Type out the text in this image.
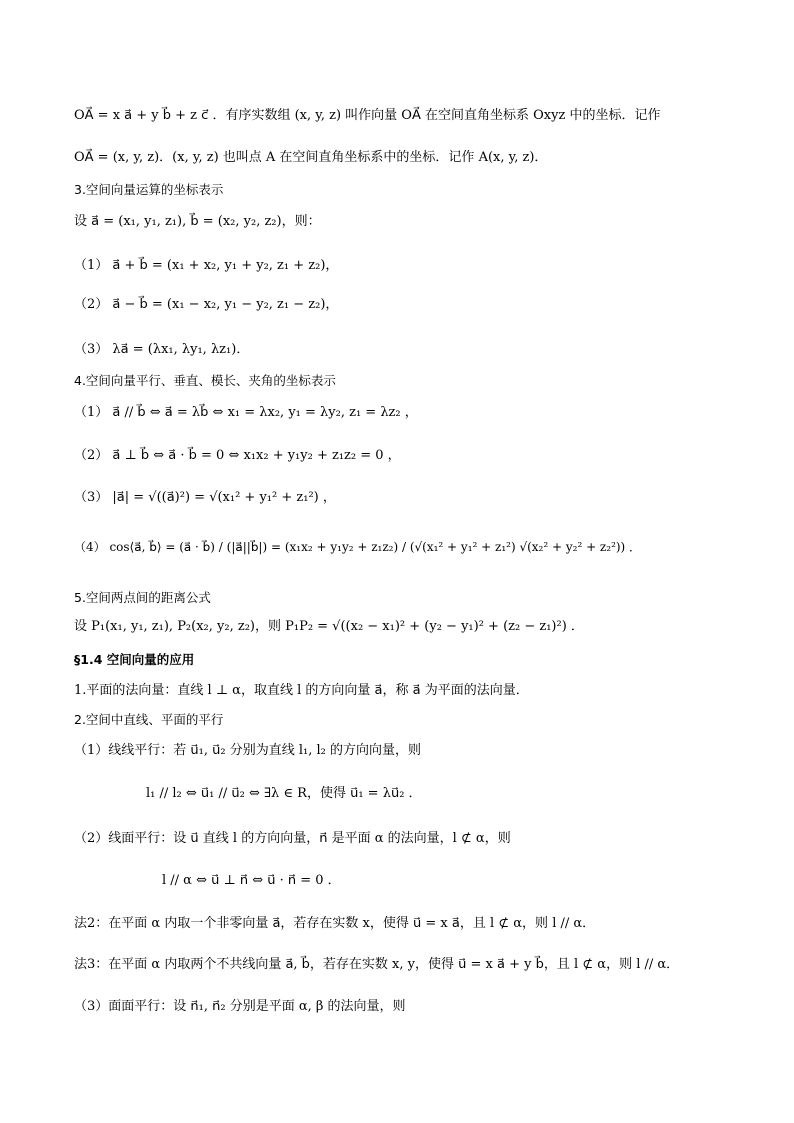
OA⃗ = x a⃗ + y b⃗ + z c⃗ ．有序实数组 (x, y, z) 叫作向量 OA⃗ 在空间直角坐标系 Oxyz 中的坐标．记作
OA⃗ = (x, y, z)．(x, y, z) 也叫点 A 在空间直角坐标系中的坐标．记作 A(x, y, z)．
3.空间向量运算的坐标表示
设 a⃗ = (x₁, y₁, z₁), b⃗ = (x₂, y₂, z₂)，则：
（1） a⃗ + b⃗ = (x₁ + x₂, y₁ + y₂, z₁ + z₂)，
（2） a⃗ − b⃗ = (x₁ − x₂, y₁ − y₂, z₁ − z₂)，
（3） λa⃗ = (λx₁, λy₁, λz₁)．
4.空间向量平行、垂直、模长、夹角的坐标表示
（1） a⃗ // b⃗ ⇔ a⃗ = λb⃗ ⇔ x₁ = λx₂, y₁ = λy₂, z₁ = λz₂ ，
（2） a⃗ ⊥ b⃗ ⇔ a⃗ · b⃗ = 0 ⇔ x₁x₂ + y₁y₂ + z₁z₂ = 0 ，
（3） |a⃗| = √((a⃗)²) = √(x₁² + y₁² + z₁²) ，
（4） cos⟨a⃗, b⃗⟩ = (a⃗ · b⃗) / (|a⃗||b⃗|) = (x₁x₂ + y₁y₂ + z₁z₂) / (√(x₁² + y₁² + z₁²) √(x₂² + y₂² + z₂²)) ．
5.空间两点间的距离公式
设 P₁(x₁, y₁, z₁), P₂(x₂, y₂, z₂)，则 P₁P₂ = √((x₂ − x₁)² + (y₂ − y₁)² + (z₂ − z₁)²) ．
§1.4 空间向量的应用
1.平面的法向量：直线 l ⊥ α，取直线 l 的方向向量 a⃗，称 a⃗ 为平面的法向量．
2.空间中直线、平面的平行
（1）线线平行：若 u⃗₁, u⃗₂ 分别为直线 l₁, l₂ 的方向向量，则
l₁ // l₂ ⇔ u⃗₁ // u⃗₂ ⇔ ∃λ ∈ R，使得 u⃗₁ = λu⃗₂ ．
（2）线面平行：设 u⃗ 直线 l 的方向向量，n⃗ 是平面 α 的法向量，l ⊄ α，则
l // α ⇔ u⃗ ⊥ n⃗ ⇔ u⃗ · n⃗ = 0 ．
法2：在平面 α 内取一个非零向量 a⃗，若存在实数 x，使得 u⃗ = x a⃗，且 l ⊄ α，则 l // α．
法3：在平面 α 内取两个不共线向量 a⃗, b⃗，若存在实数 x, y，使得 u⃗ = x a⃗ + y b⃗，且 l ⊄ α，则 l // α．
（3）面面平行：设 n⃗₁, n⃗₂ 分别是平面 α, β 的法向量，则
